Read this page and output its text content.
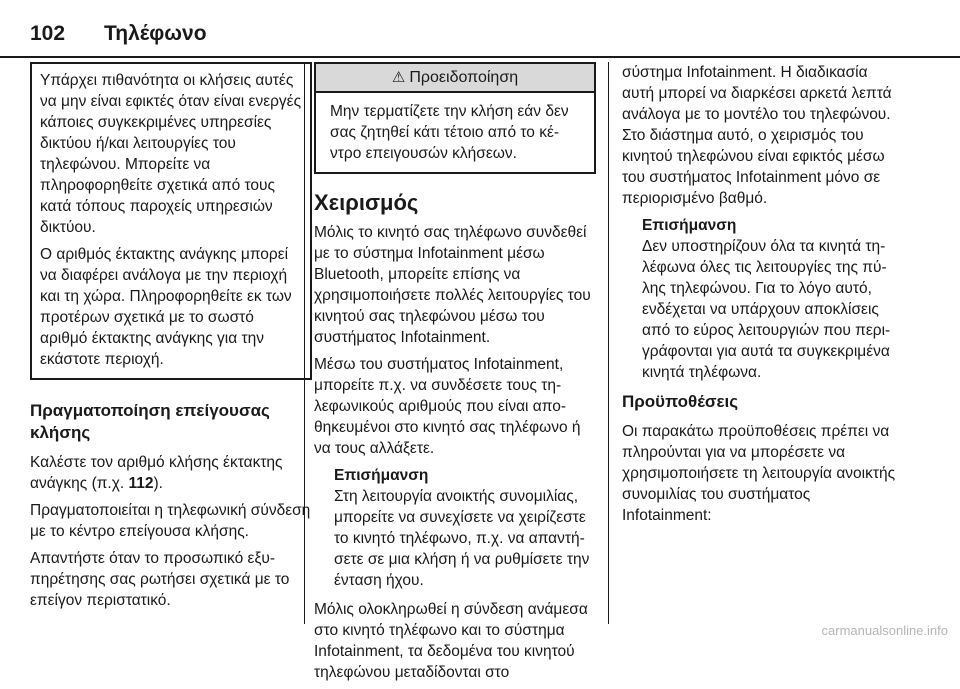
102 Τηλέφωνο

Υπάρχει πιθανότητα οι κλήσεις αυτές να μην είναι εφικτές όταν είναι ενεργές κάποιες συγκεκριμένες υπηρεσίες δικτύου ή/και λειτουργίες του τηλεφώνου. Μπορείτε να πληροφορηθείτε σχετικά από τους κατά τόπους παροχείς υπηρεσιών δικτύου.

Ο αριθμός έκτακτης ανάγκης μπορεί να διαφέρει ανάλογα με την περιοχή και τη χώρα. Πληροφορηθείτε εκ των προτέρων σχετικά με το σωστό αριθμό έκτακτης ανάγκης για την εκάστοτε περιοχή.

Πραγματοποίηση επείγουσας κλήσης

Καλέστε τον αριθμό κλήσης έκτακτης ανάγκης (π.χ. 112).

Πραγματοποιείται η τηλεφωνική σύνδεση με το κέντρο επείγουσα κλήσης.

Απαντήστε όταν το προσωπικό εξυπηρέτησης σας ρωτήσει σχετικά με το επείγον περιστατικό.

⚠ Προειδοποίηση
Μην τερματίζετε την κλήση εάν δεν σας ζητηθεί κάτι τέτοιο από το κέντρο επειγουσών κλήσεων.
Χειρισμός

Μόλις το κινητό σας τηλέφωνο συνδεθεί με το σύστημα Infotainment μέσω Bluetooth, μπορείτε επίσης να χρησιμοποιήσετε πολλές λειτουργίες του κινητού σας τηλεφώνου μέσω του συστήματος Infotainment.

Μέσω του συστήματος Infotainment, μπορείτε π.χ. να συνδέσετε τους τηλεφωνικούς αριθμούς που είναι αποθηκευμένοι στο κινητό σας τηλέφωνο ή να τους αλλάξετε.

Επισήμανση
Στη λειτουργία ανοικτής συνομιλίας, μπορείτε να συνεχίσετε να χειρίζεστε το κινητό τηλέφωνο, π.χ. να απαντήσετε σε μια κλήση ή να ρυθμίσετε την ένταση ήχου.

Μόλις ολοκληρωθεί η σύνδεση ανάμεσα στο κινητό τηλέφωνο και το σύστημα Infotainment, τα δεδομένα του κινητού τηλεφώνου μεταδίδονται στο

σύστημα Infotainment. Η διαδικασία αυτή μπορεί να διαρκέσει αρκετά λεπτά ανάλογα με το μοντέλο του τηλεφώνου. Στο διάστημα αυτό, ο χειρισμός του κινητού τηλεφώνου είναι εφικτός μέσω του συστήματος Infotainment μόνο σε περιορισμένο βαθμό.

Επισήμανση
Δεν υποστηρίζουν όλα τα κινητά τηλέφωνα όλες τις λειτουργίες της πύλης τηλεφώνου. Για το λόγο αυτό, ενδέχεται να υπάρχουν αποκλίσεις από το εύρος λειτουργιών που περιγράφονται για αυτά τα συγκεκριμένα κινητά τηλέφωνα.
Προϋποθέσεις

Οι παρακάτω προϋποθέσεις πρέπει να πληρούνται για να μπορέσετε να χρησιμοποιήσετε τη λειτουργία ανοικτής συνομιλίας του συστήματος Infotainment:

carmanualsonline.info
